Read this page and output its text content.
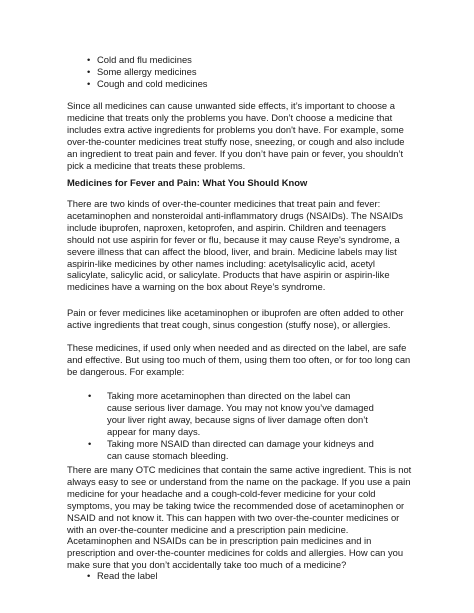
• Cold and flu medicines
• Some allergy medicines
• Cough and cold medicines

Since all medicines can cause unwanted side effects, it’s important to choose a medicine that treats only the problems you have. Don’t choose a medicine that includes extra active ingredients for problems you don't have. For example, some over-the-counter medicines treat stuffy nose, sneezing, or cough and also include an ingredient to treat pain and fever. If you don’t have pain or fever, you shouldn’t pick a medicine that treats these problems.

Medicines for Fever and Pain: What You Should Know

There are two kinds of over-the-counter medicines that treat pain and fever: acetaminophen and nonsteroidal anti-inflammatory drugs (NSAIDs). The NSAIDs include ibuprofen, naproxen, ketoprofen, and aspirin. Children and teenagers should not use aspirin for fever or flu, because it may cause Reye's syndrome, a severe illness that can affect the blood, liver, and brain. Medicine labels may list aspirin-like medicines by other names including: acetylsalicylic acid, acetyl salicylate, salicylic acid, or salicylate. Products that have aspirin or aspirin-like medicines have a warning on the box about Reye’s syndrome.

Pain or fever medicines like acetaminophen or ibuprofen are often added to other active ingredients that treat cough, sinus congestion (stuffy nose), or allergies.

These medicines, if used only when needed and as directed on the label, are safe and effective. But using too much of them, using them too often, or for too long can be dangerous. For example:

• Taking more acetaminophen than directed on the label can cause serious liver damage. You may not know you’ve damaged your liver right away, because signs of liver damage often don’t appear for many days.
• Taking more NSAID than directed can damage your kidneys and can cause stomach bleeding.

There are many OTC medicines that contain the same active ingredient. This is not always easy to see or understand from the name on the package. If you use a pain medicine for your headache and a cough-cold-fever medicine for your cold symptoms, you may be taking twice the recommended dose of acetaminophen or NSAID and not know it. This can happen with two over-the-counter medicines or with an over-the-counter medicine and a prescription pain medicine. Acetaminophen and NSAIDs can be in prescription pain medicines and in prescription and over-the-counter medicines for colds and allergies. How can you make sure that you don’t accidentally take too much of a medicine?

• Read the label
